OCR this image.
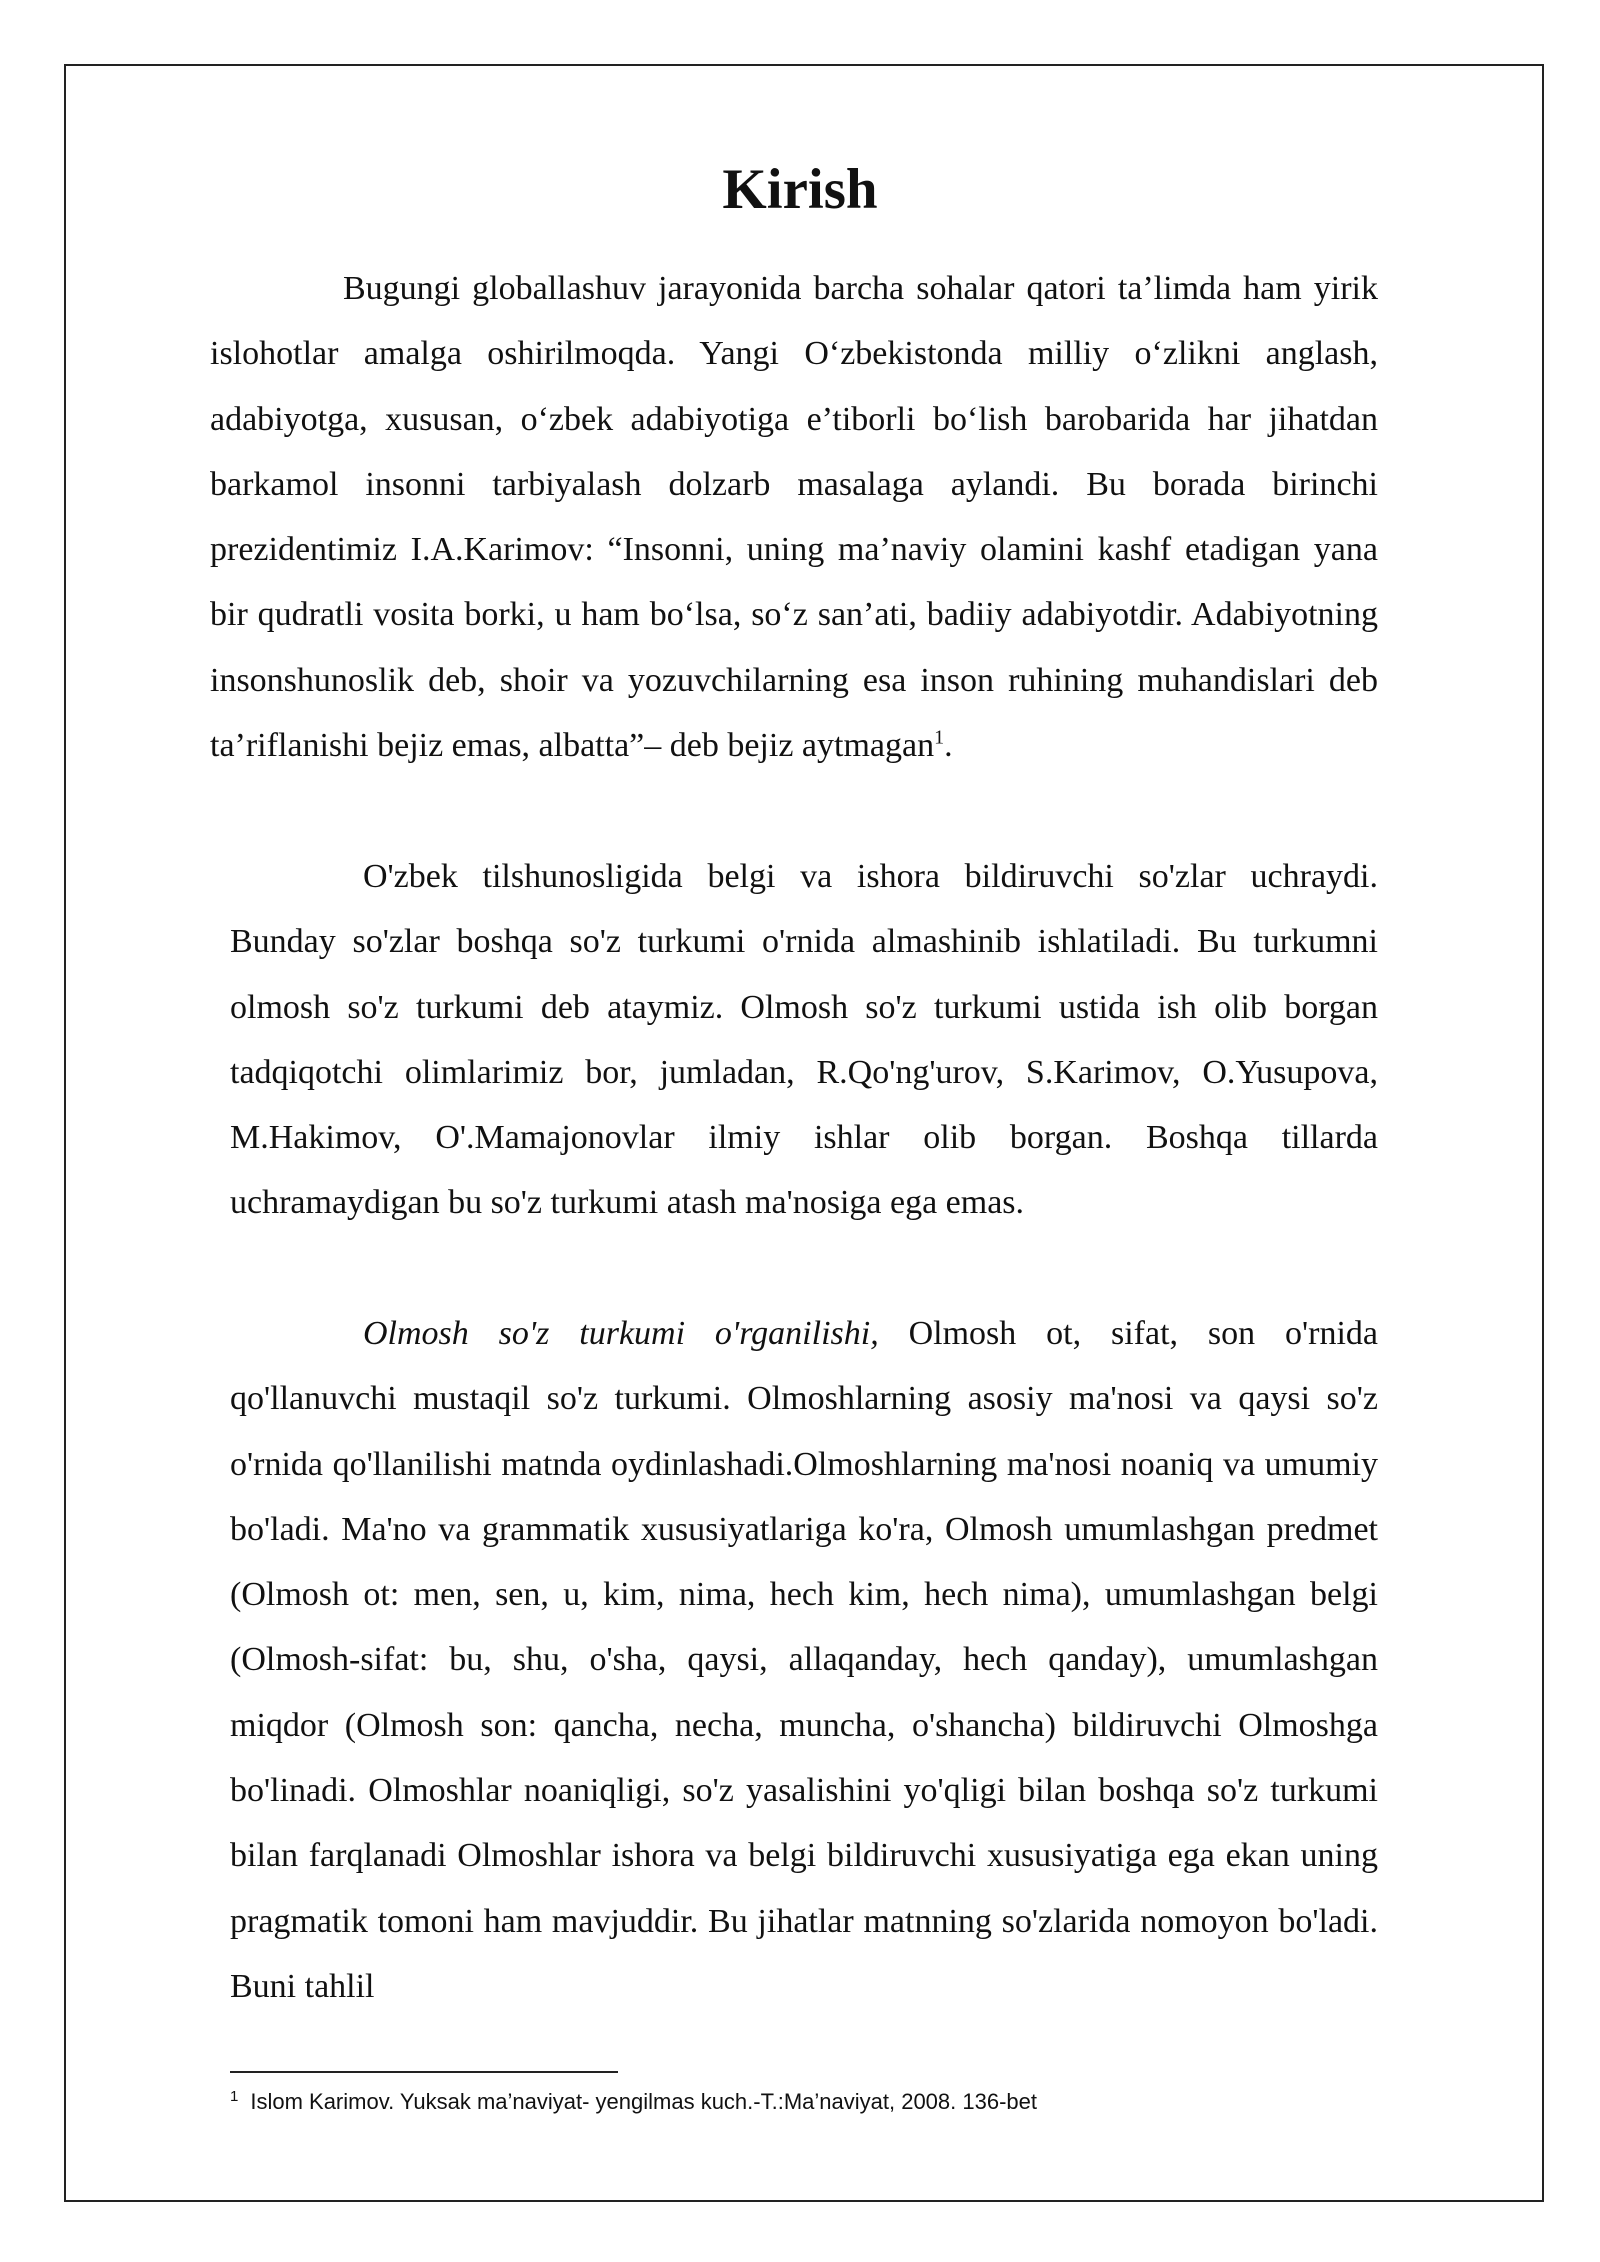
Kirish

Bugungi globallashuv jarayonida barcha sohalar qatori ta’limda ham yirik islohotlar amalga oshirilmoqda. Yangi O‘zbekistonda milliy o‘zlikni anglash, adabiyotga, xususan, o‘zbek adabiyotiga e’tiborli bo‘lish barobarida har jihatdan barkamol insonni tarbiyalash dolzarb masalaga aylandi. Bu borada birinchi prezidentimiz I.A.Karimov: “Insonni, uning ma’naviy olamini kashf etadigan yana bir qudratli vosita borki, u ham bo‘lsa, so‘z san’ati, badiiy adabiyotdir. Adabiyotning insonshunoslik deb, shoir va yozuvchilarning esa inson ruhining muhandislari deb ta’riflanishi bejiz emas, albatta”– deb bejiz aytmagan$^1$.

O'zbek tilshunosligida belgi va ishora bildiruvchi so'zlar uchraydi. Bunday so'zlar boshqa so'z turkumi o'rnida almashinib ishlatiladi. Bu turkumni olmosh so'z turkumi deb ataymiz. Olmosh so'z turkumi ustida ish olib borgan tadqiqotchi olimlarimiz bor, jumladan, R.Qo'ng'urov, S.Karimov, O.Yusupova, M.Hakimov, O'.Mamajonovlar ilmiy ishlar olib borgan. Boshqa tillarda uchramaydigan bu so'z turkumi atash ma'nosiga ega emas.

Olmosh so'z turkumi o'rganilishi, Olmosh ot, sifat, son o'rnida qo'llanuvchi mustaqil so'z turkumi. Olmoshlarning asosiy ma'nosi va qaysi so'z o'rnida qo'llanilishi matnda oydinlashadi.Olmoshlarning ma'nosi noaniq va umumiy bo'ladi. Ma'no va grammatik xususiyatlariga ko'ra, Olmosh umumlashgan predmet (Olmosh ot: men, sen, u, kim, nima, hech kim, hech nima), umumlashgan belgi (Olmosh-sifat: bu, shu, o'sha, qaysi, allaqanday, hech qanday), umumlashgan miqdor (Olmosh son: qancha, necha, muncha, o'shancha) bildiruvchi Olmoshga bo'linadi. Olmoshlar noaniqligi, so'z yasalishini yo'qligi bilan boshqa so'z turkumi bilan farqlanadi Olmoshlar ishora va belgi bildiruvchi xususiyatiga ega ekan uning pragmatik tomoni ham mavjuddir. Bu jihatlar matnning so'zlarida nomoyon bo'ladi. Buni tahlil

$^1$ Islom Karimov. Yuksak ma’naviyat- yengilmas kuch.-T.:Ma’naviyat, 2008. 136-bet
